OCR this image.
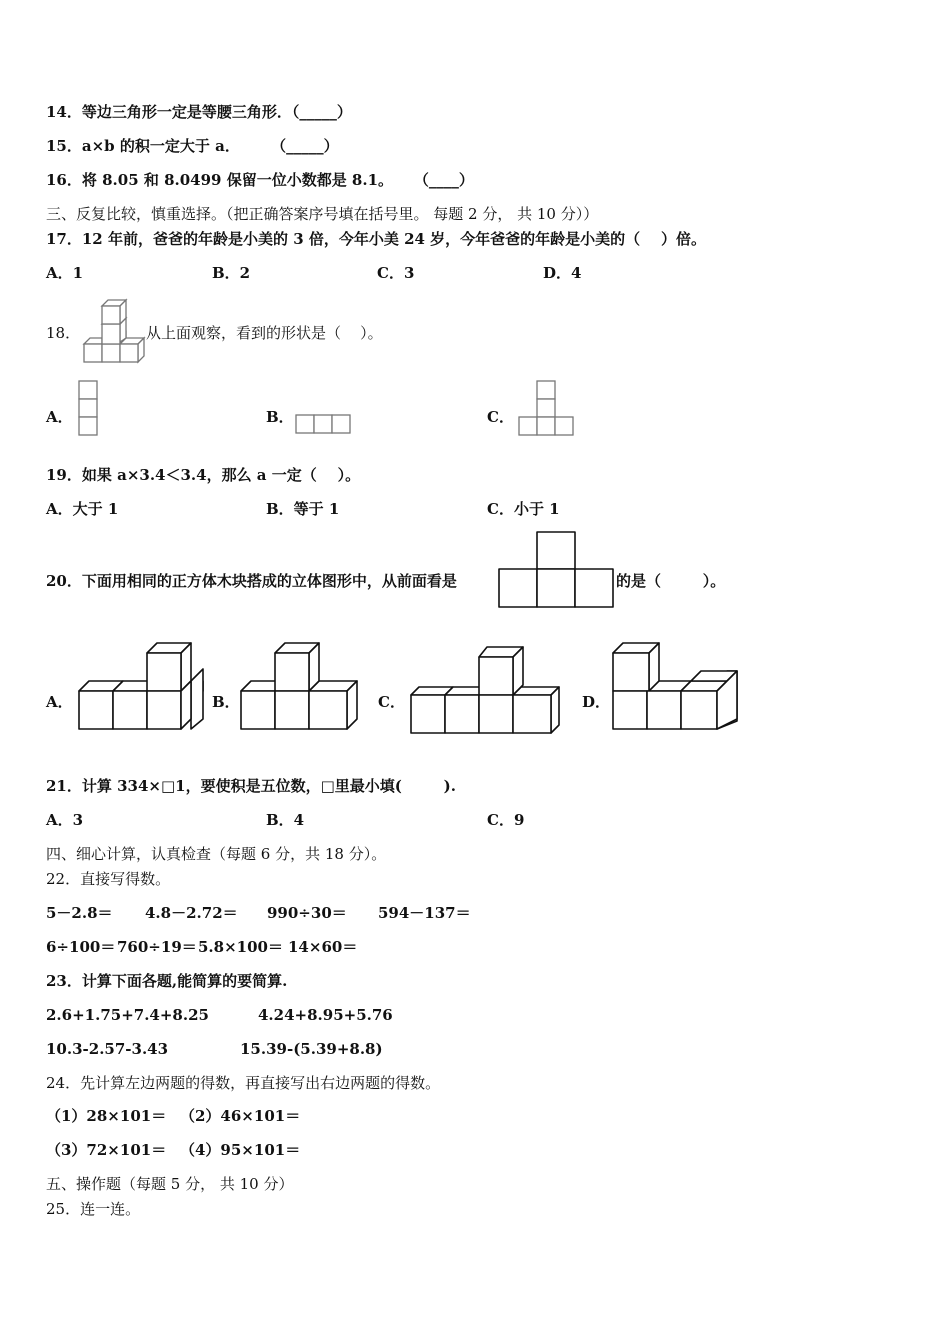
14．等边三角形一定是等腰三角形．（_____）
15．a×b 的积一定大于 a．      （_____）
16．将 8.05 和 8.0499 保留一位小数都是 8.1。    （____）
三、反复比较，慎重选择。（把正确答案序号填在括号里。 每题 2 分， 共 10 分））
17．12 年前，爸爸的年龄是小美的 3 倍，今年小美 24 岁，今年爸爸的年龄是小美的（    ）倍。
A．1	B．2	C．3	D．4
18．	从上面观察，看到的形状是（    ）。
A．	B．	C．
19．如果 a×3.4＜3.4，那么 a 一定（    ）。
A．大于 1	B．等于 1	C．小于 1
20．下面用相同的正方体木块搭成的立体图形中，从前面看是	的是（        ）。
A．	B．	C．	D．
21．计算 334×□1，要使积是五位数，□里最小填(        ).
A．3	B．4	C．9
四、细心计算，认真检查（每题 6 分，共 18 分）。
22．直接写得数。
5－2.8＝ 4.8－2.72＝ 990÷30＝ 594－137＝
6÷100＝ 760÷19＝ 5.8×100＝ 14×60＝
23．计算下面各题,能简算的要简算.
2.6+1.75+7.4+8.25	4.24+8.95+5.76
10.3-2.57-3.43	15.39-(5.39+8.8)
24．先计算左边两题的得数，再直接写出右边两题的得数。
（1）28×101＝ （2）46×101＝
（3）72×101＝ （4）95×101＝
五、操作题（每题 5 分， 共 10 分）
25．连一连。
